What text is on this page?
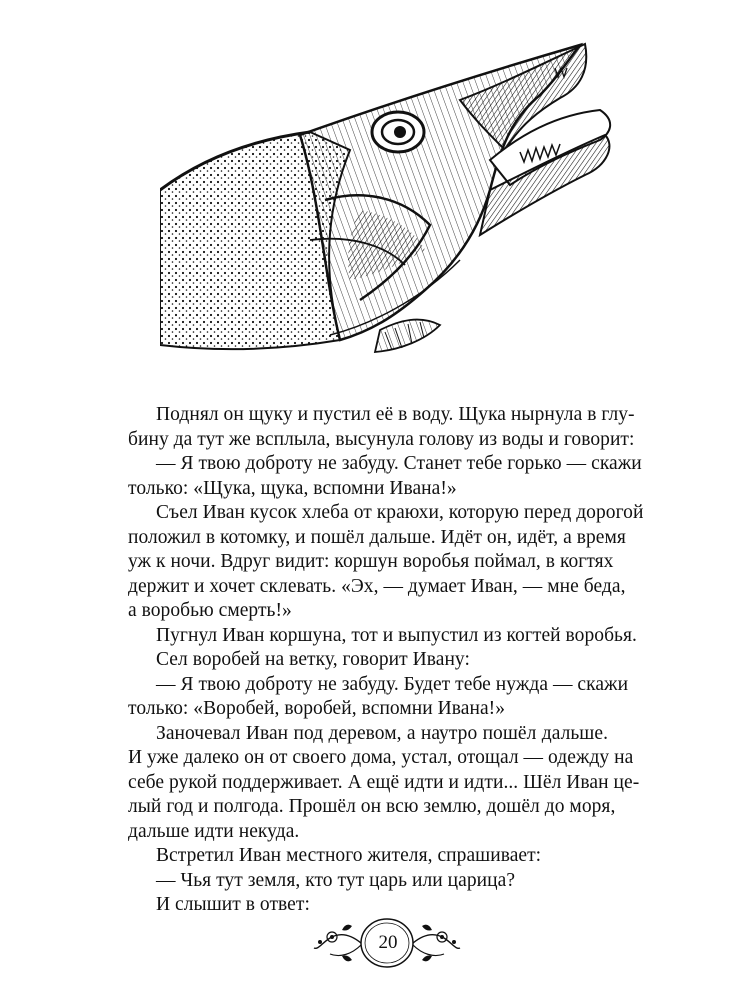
Поднял он щуку и пустил её в воду. Щука нырнула в глу-
бину да тут же всплыла, высунула голову из воды и говорит:
— Я твою доброту не забуду. Станет тебе горько — скажи
только: «Щука, щука, вспомни Ивана!»
Съел Иван кусок хлеба от краюхи, которую перед дорогой
положил в котомку, и пошёл дальше. Идёт он, идёт, а время
уж к ночи. Вдруг видит: коршун воробья поймал, в когтях
держит и хочет склевать. «Эх, — думает Иван, — мне беда,
а воробью смерть!»
Пугнул Иван коршуна, тот и выпустил из когтей воробья.
Сел воробей на ветку, говорит Ивану:
— Я твою доброту не забуду. Будет тебе нужда — скажи
только: «Воробей, воробей, вспомни Ивана!»
Заночевал Иван под деревом, а наутро пошёл дальше.
И уже далеко он от своего дома, устал, отощал — одежду на
себе рукой поддерживает. А ещё идти и идти... Шёл Иван це-
лый год и полгода. Прошёл он всю землю, дошёл до моря,
дальше идти некуда.
Встретил Иван местного жителя, спрашивает:
— Чья тут земля, кто тут царь или царица?
И слышит в ответ:
20
